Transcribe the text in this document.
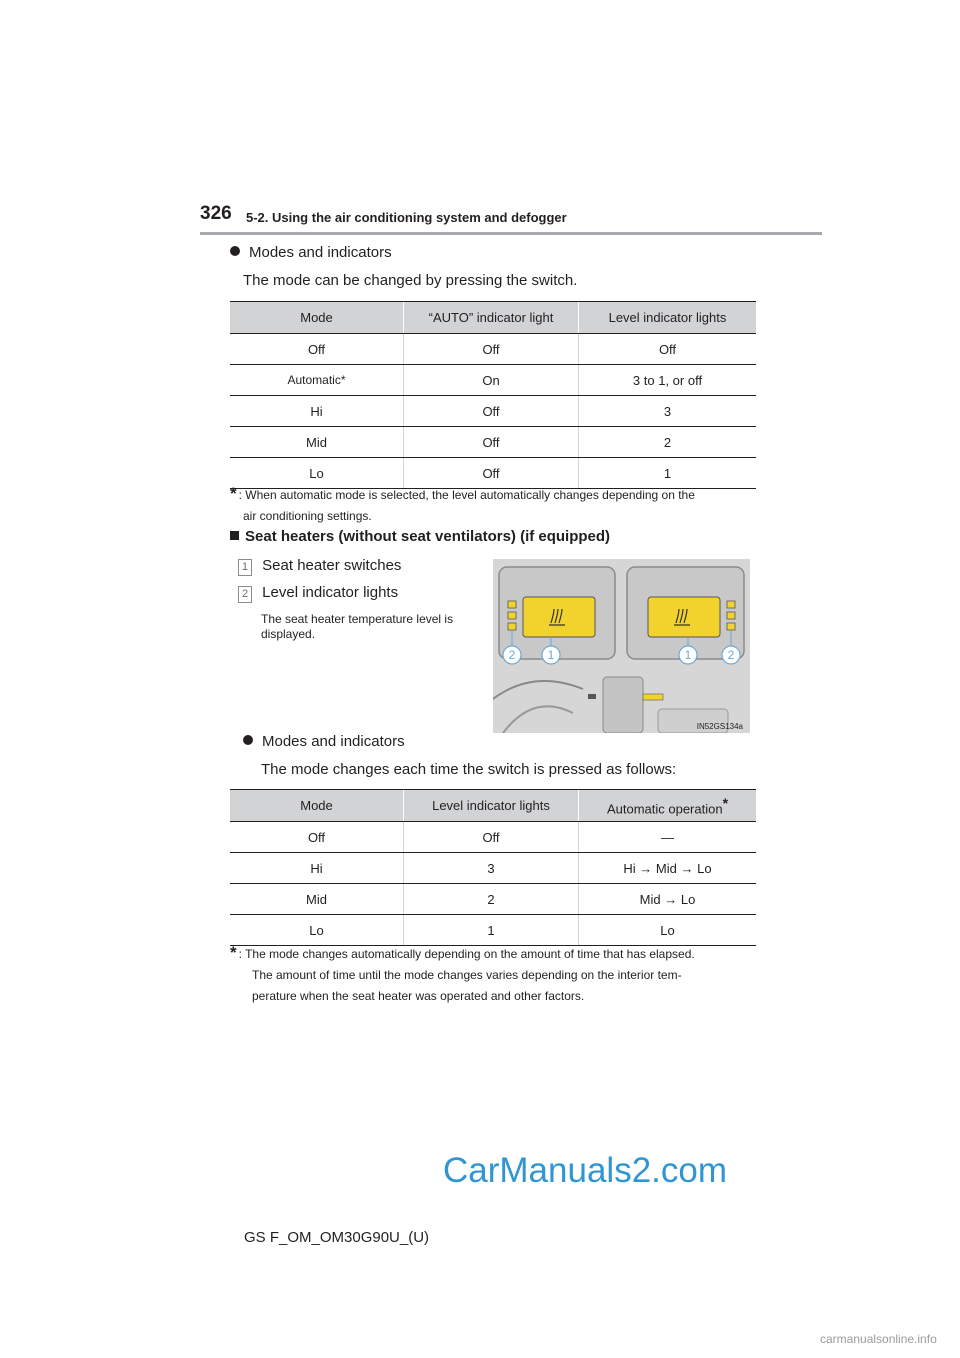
326 5-2. Using the air conditioning system and defogger
Modes and indicators
The mode can be changed by pressing the switch.
Mode	“AUTO” indicator light	Level indicator lights
Off	Off	Off
Automatic*	On	3 to 1, or off
Hi	Off	3
Mid	Off	2
Lo	Off	1
* : When automatic mode is selected, the level automatically changes depending on the
air conditioning settings.
Seat heaters (without seat ventilators) (if equipped)
1 Seat heater switches
2 Level indicator lights
The seat heater temperature level is
displayed.
2	1	1	2
IN52GS134a
Modes and indicators
The mode changes each time the switch is pressed as follows:
Mode	Level indicator lights	Automatic operation*
Off	Off	—
Hi	3	Hi → Mid → Lo
Mid	2	Mid → Lo
Lo	1	Lo
* : The mode changes automatically depending on the amount of time that has elapsed.
The amount of time until the mode changes varies depending on the interior tem-
perature when the seat heater was operated and other factors.
CarManuals2.com
GS F_OM_OM30G90U_(U)
carmanualsonline.info
